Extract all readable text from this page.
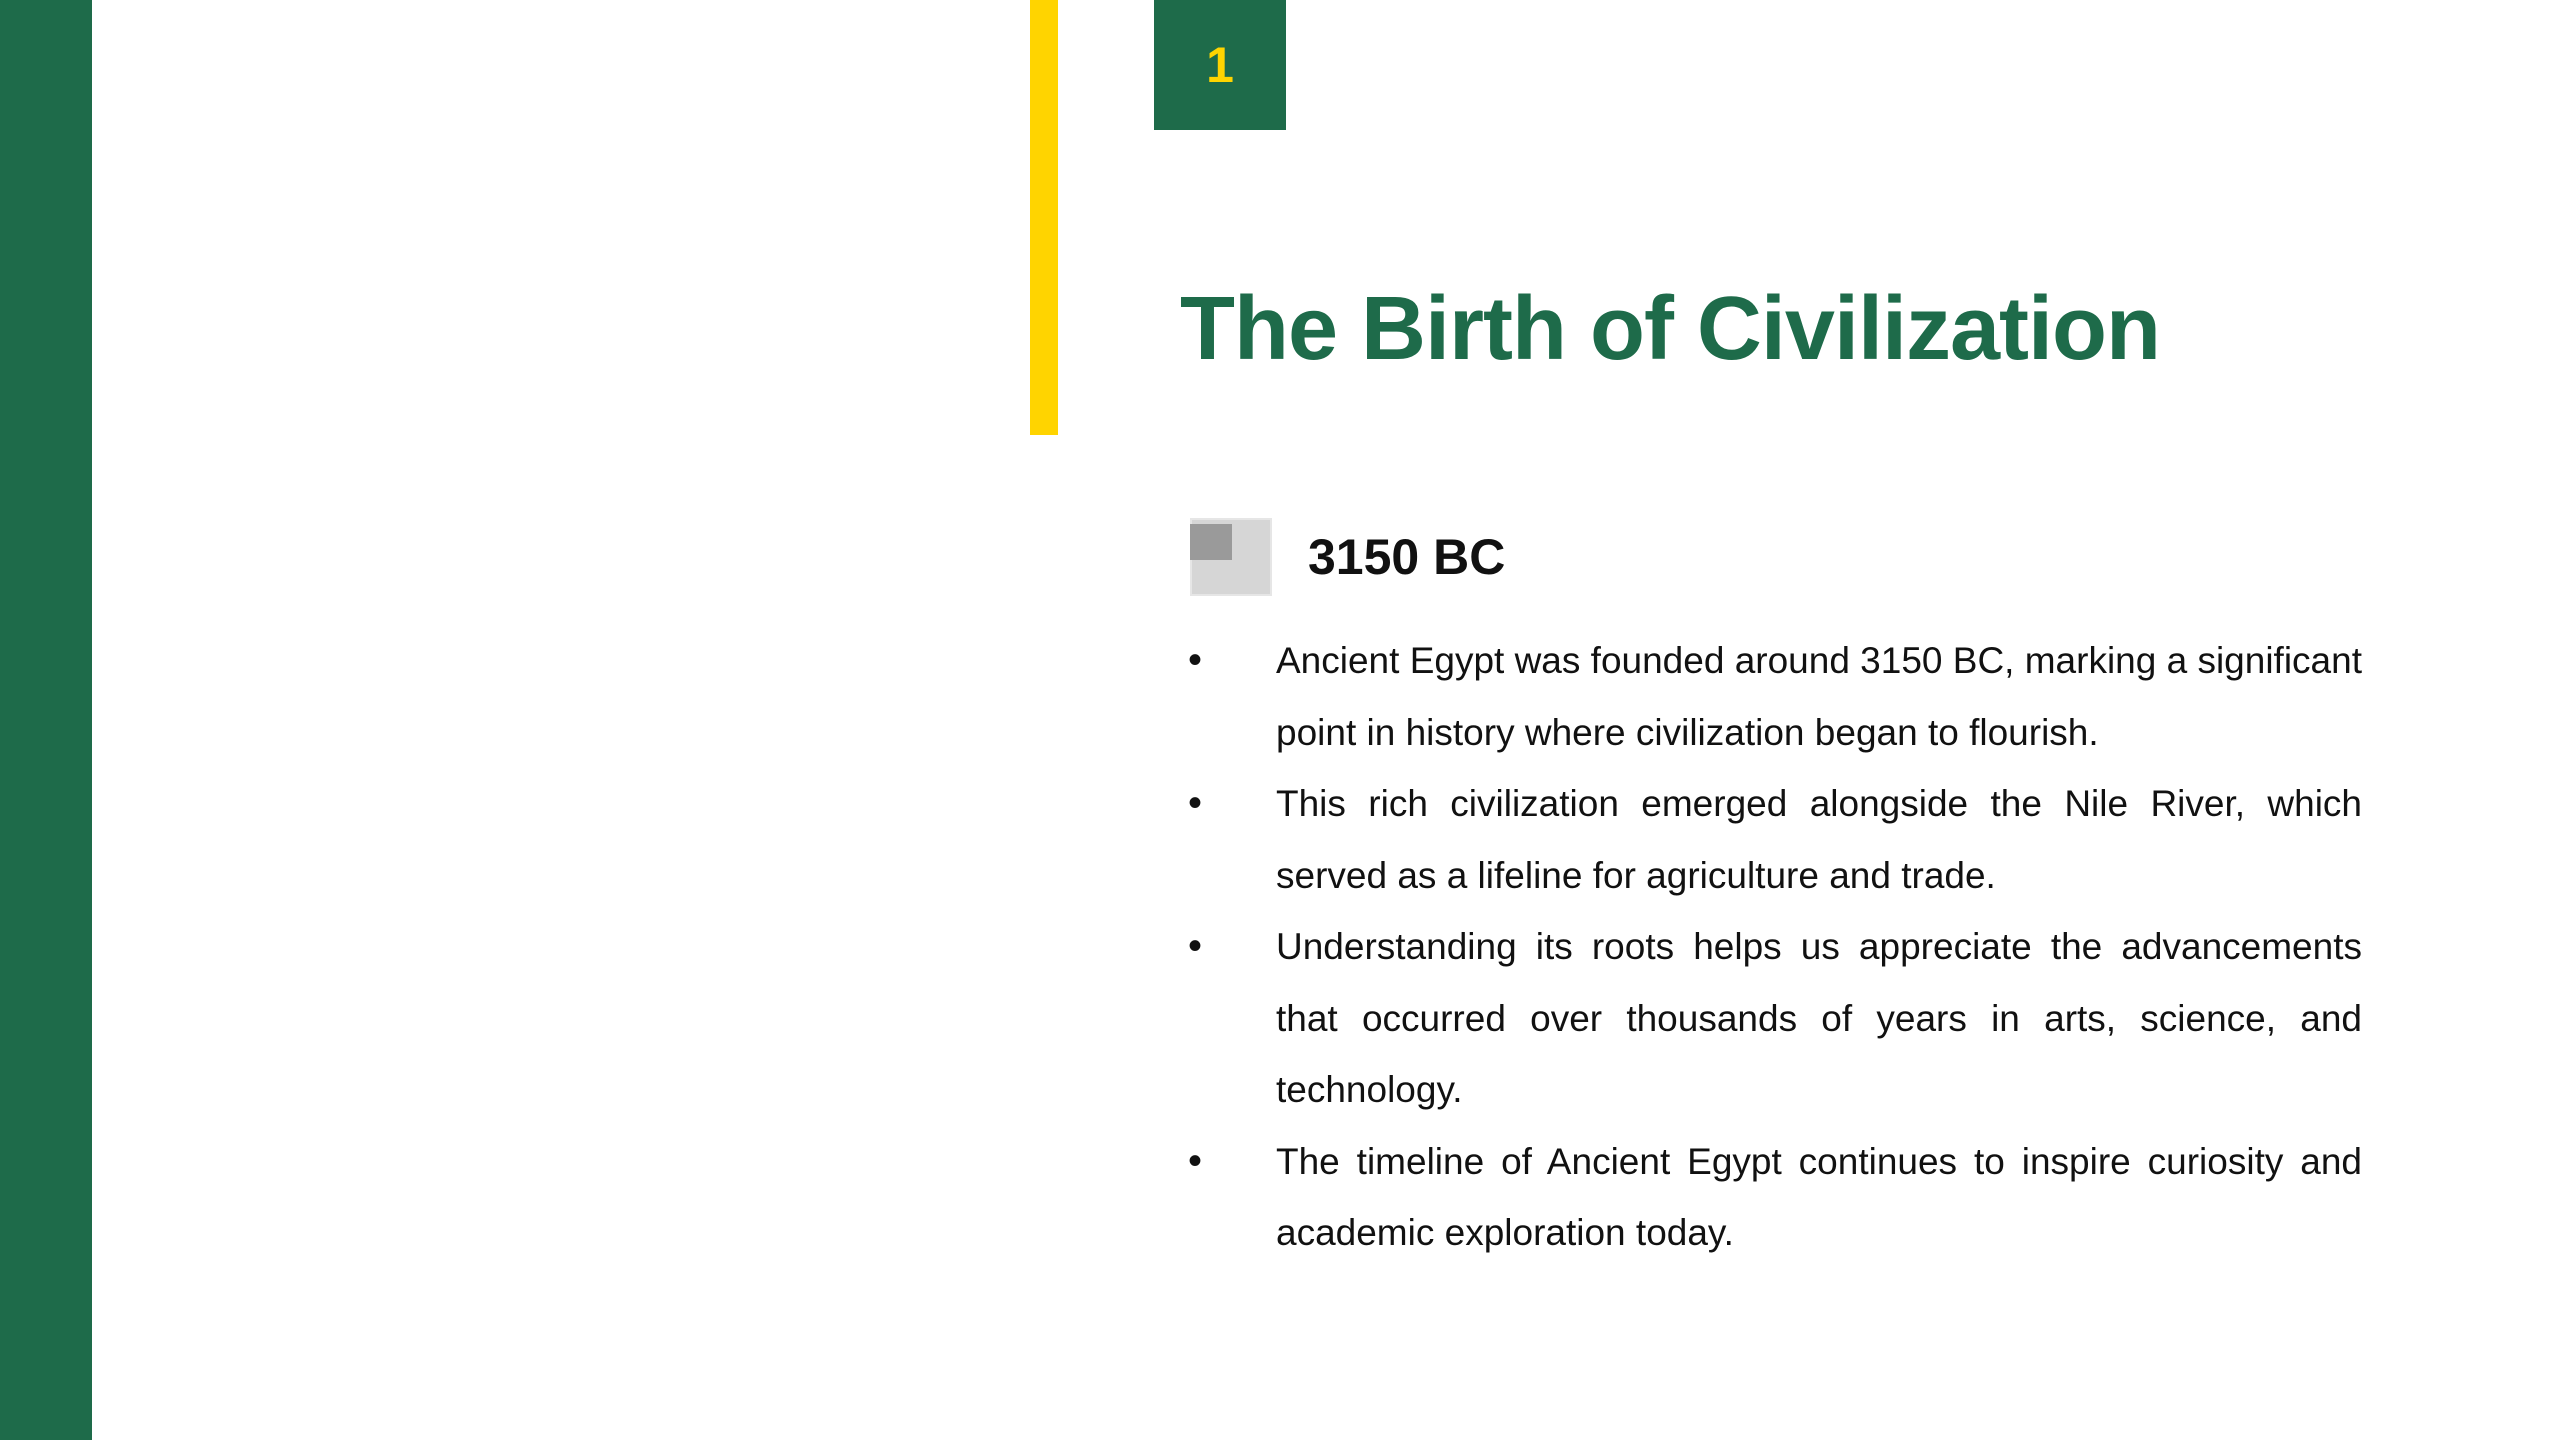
1
The Birth of Civilization
3150 BC
• Ancient Egypt was founded around 3150 BC, marking a significant point in history where civilization began to flourish.
• This rich civilization emerged alongside the Nile River, which served as a lifeline for agriculture and trade.
• Understanding its roots helps us appreciate the advancements that occurred over thousands of years in arts, science, and technology.
• The timeline of Ancient Egypt continues to inspire curiosity and academic exploration today.
